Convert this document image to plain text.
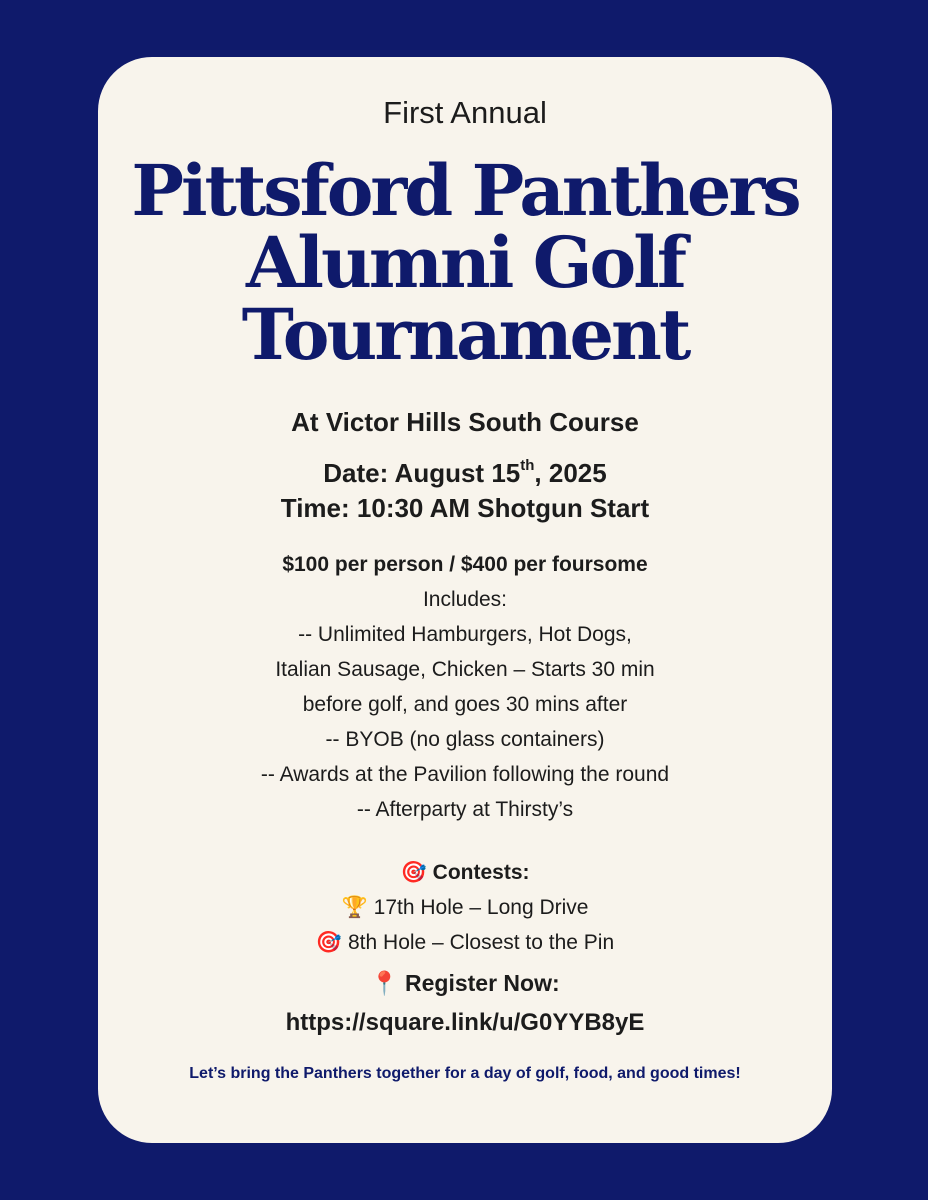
First Annual
Pittsford Panthers
Alumni Golf
Tournament
At Victor Hills South Course
Date: August 15th, 2025
Time: 10:30 AM Shotgun Start
$100 per person / $400 per foursome
Includes:
-- Unlimited Hamburgers, Hot Dogs,
Italian Sausage, Chicken – Starts 30 min
before golf, and goes 30 mins after
-- BYOB (no glass containers)
-- Awards at the Pavilion following the round
-- Afterparty at Thirsty’s
🎯 Contests:
🏆 17th Hole – Long Drive
🎯 8th Hole – Closest to the Pin
📍 Register Now:
https://square.link/u/G0YYB8yE
Let’s bring the Panthers together for a day of golf, food, and good times!
